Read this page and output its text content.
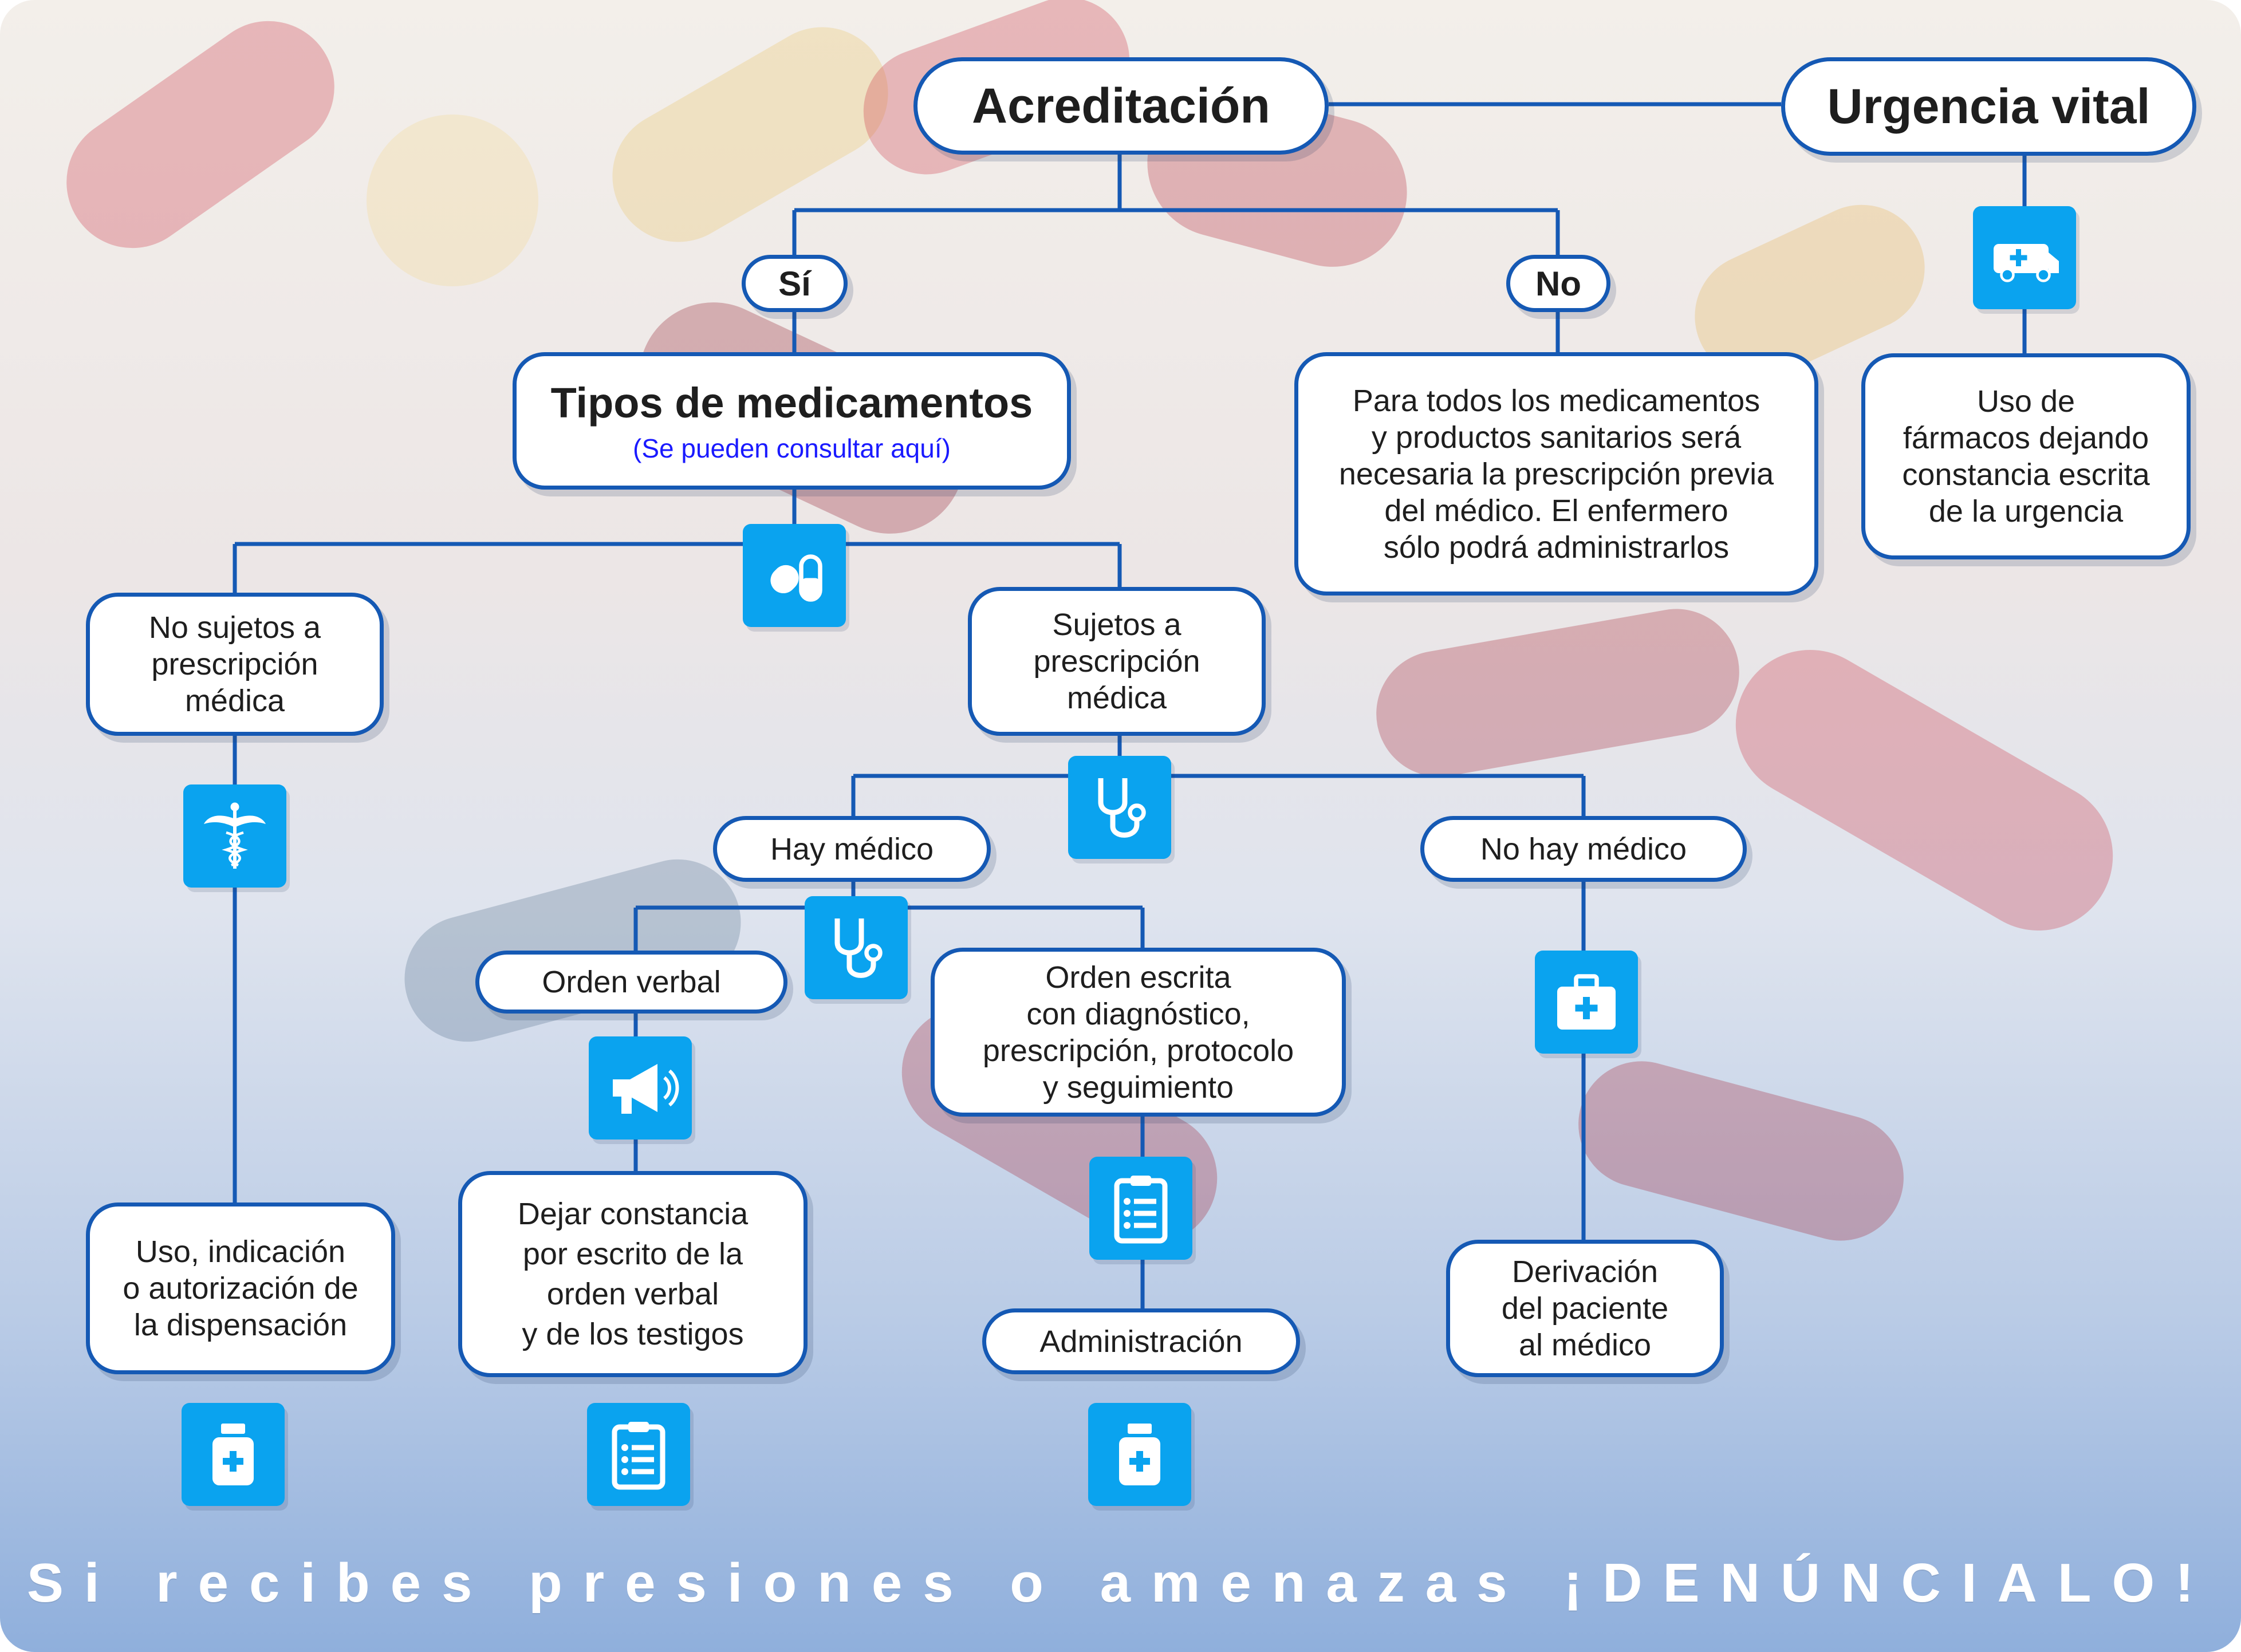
Acreditación	Urgencia vital
Sí	No
Tipos de medicamentos
(Se pueden consultar aquí)
Para todos los medicamentos
y productos sanitarios será
necesaria la prescripción previa
del médico. El enfermero
sólo podrá administrarlos
Uso de
fármacos dejando
constancia escrita
de la urgencia
No sujetos a
prescripción
médica
Sujetos a
prescripción
médica
Hay médico	No hay médico
Orden verbal	Orden escrita
con diagnóstico,
prescripción, protocolo
y seguimiento
Uso, indicación
o autorización de
la dispensación
Dejar constancia
por escrito de la
orden verbal
y de los testigos	Administración
Derivación
del paciente
al médico
Si recibes presiones o amenazas ¡DENÚNCIALO!
